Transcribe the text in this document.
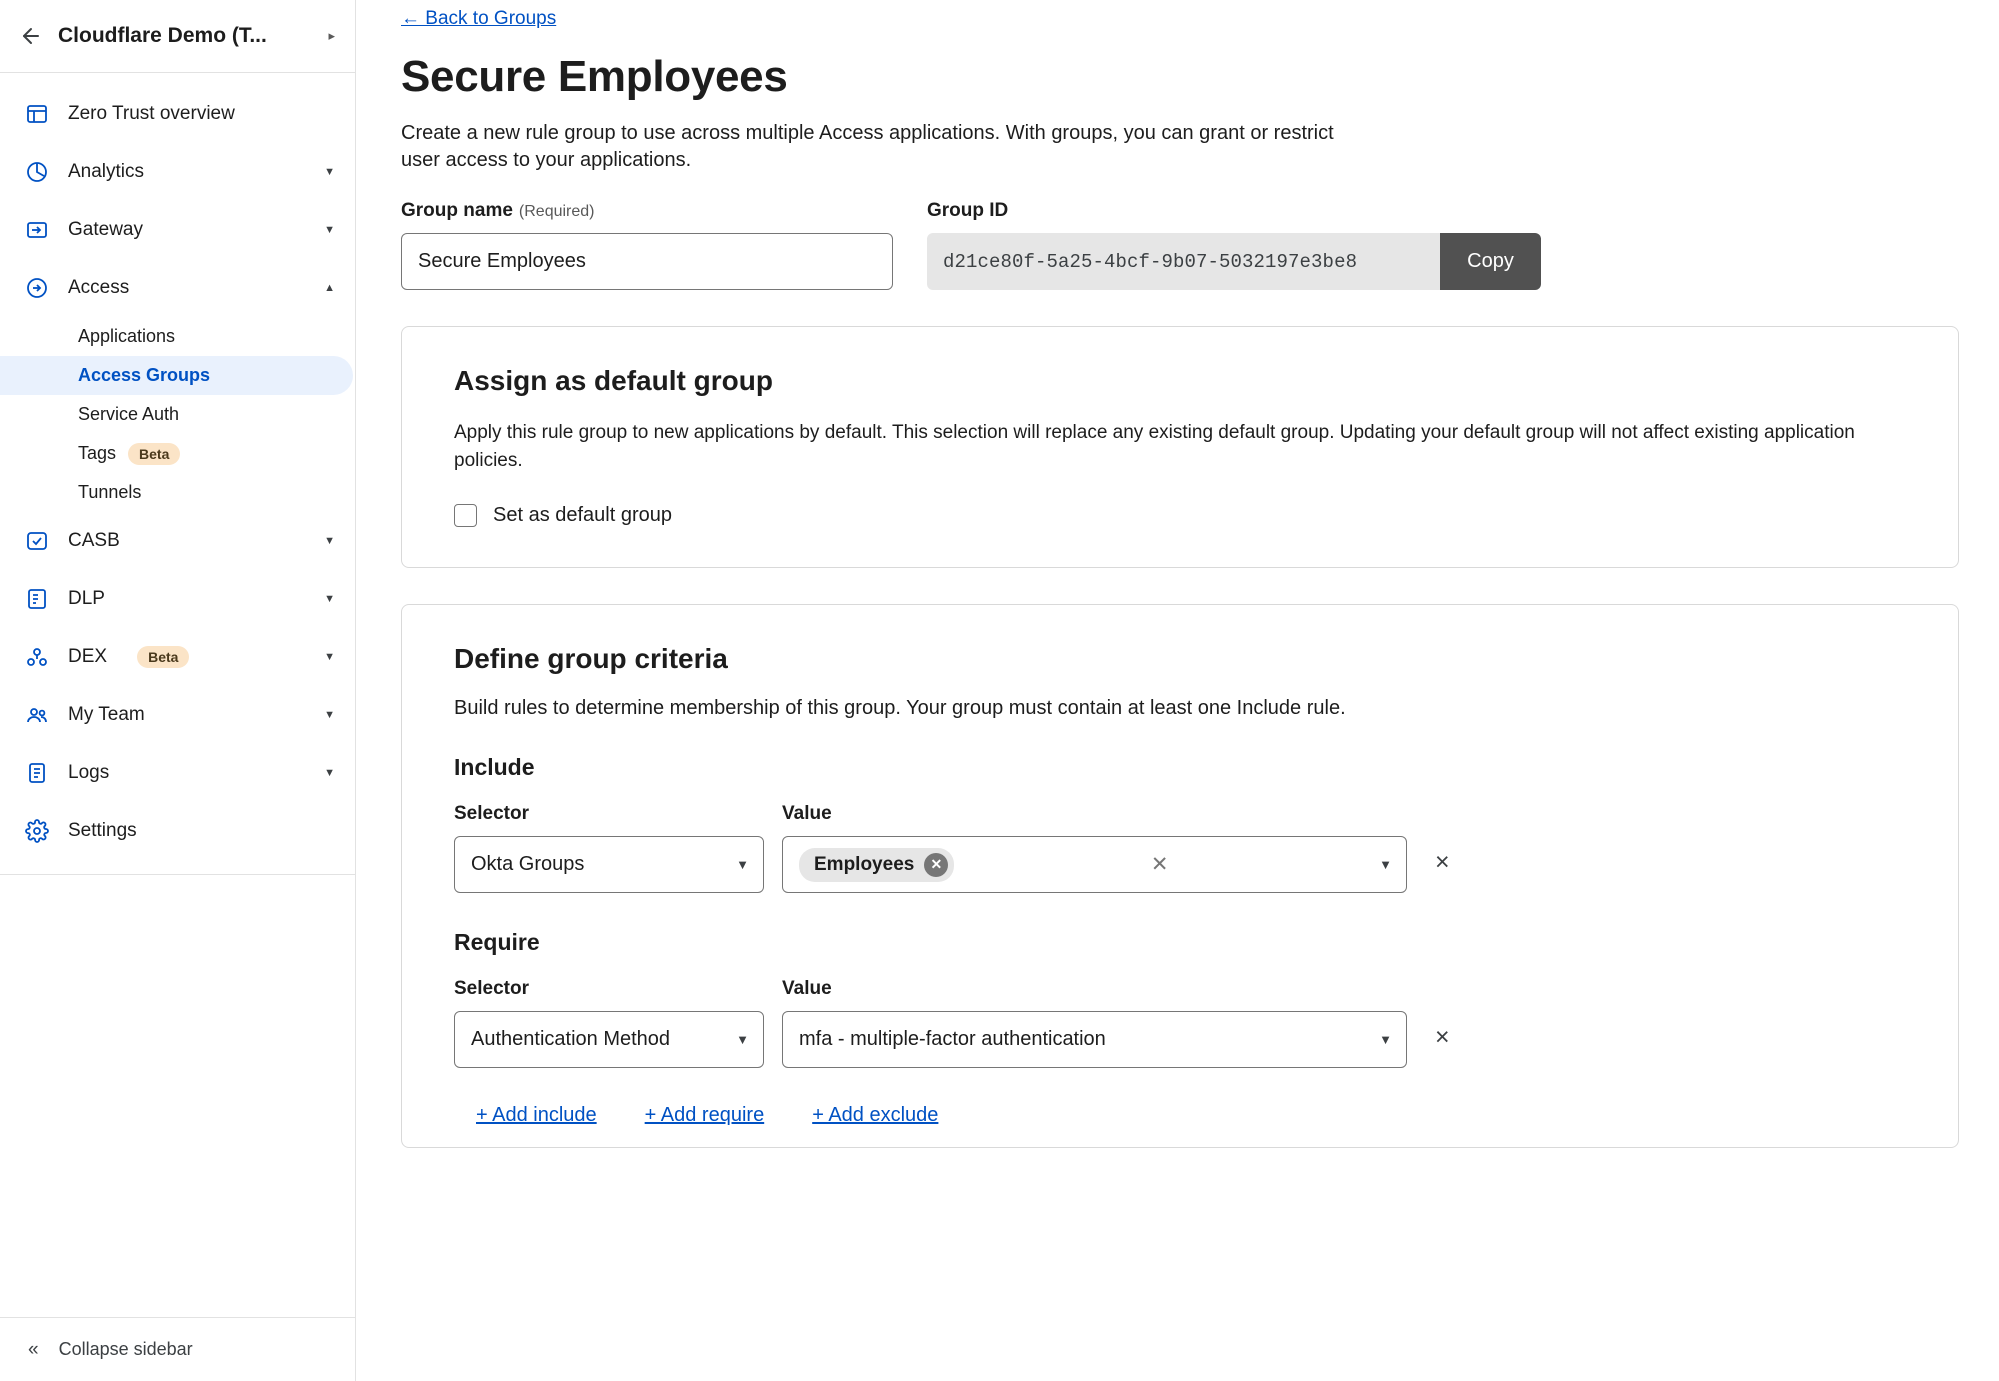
Cloudflare Demo (T...	▸
Zero Trust overview
Analytics	▼
Gateway	▼
Access	▲
Applications
Access Groups
Service Auth
Tags	Beta
Tunnels
CASB	▼
DLP	▼
DEX	Beta	▼
My Team	▼
Logs	▼
Settings
« Collapse sidebar
← Back to Groups
Secure Employees

Create a new rule group to use across multiple Access applications. With groups, you can grant or restrict user access to your applications.

Group name (Required)
Secure Employees	Group ID
d21ce80f-5a25-4bcf-9b07-5032197e3be8	Copy
Assign as default group

Apply this rule group to new applications by default. This selection will replace any existing default group. Updating your default group will not affect existing application policies.

Set as default group
Define group criteria

Build rules to determine membership of this group. Your group must contain at least one Include rule.

Include
Selector
Okta Groups	▼
Value
Employees	✕	✕	▼ ×
Require
Selector
Authentication Method	▼
Value
mfa - multiple-factor authentication	▼ ×
+ Add include + Add require + Add exclude
